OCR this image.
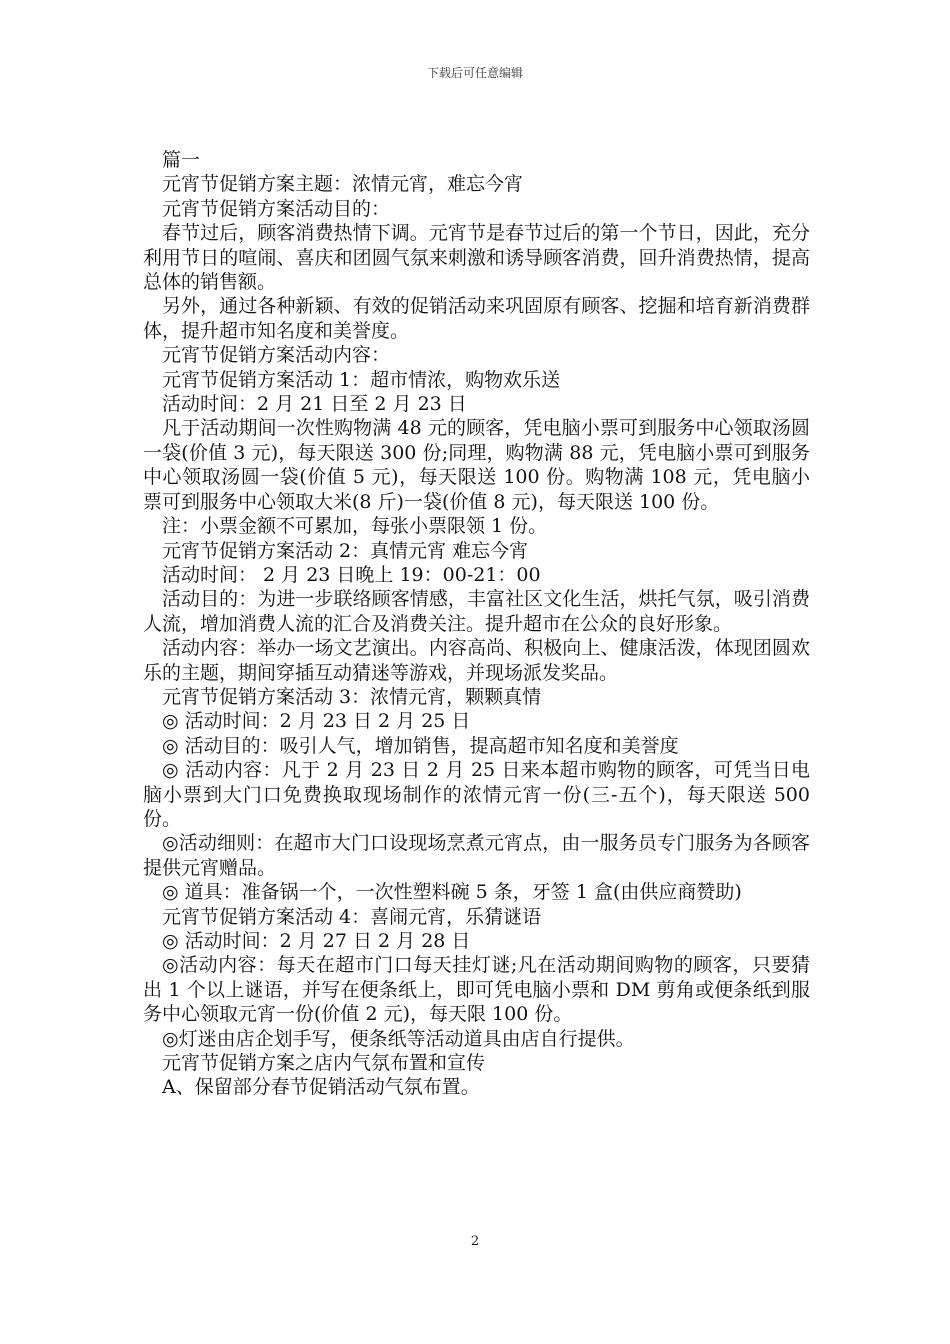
下载后可任意编辑

篇一

元宵节促销方案主题：浓情元宵，难忘今宵

元宵节促销方案活动目的：

春节过后，顾客消费热情下调。元宵节是春节过后的第一个节日，因此，充分利用节日的喧闹、喜庆和团圆气氛来刺激和诱导顾客消费，回升消费热情，提高总体的销售额。

另外，通过各种新颖、有效的促销活动来巩固原有顾客、挖掘和培育新消费群体，提升超市知名度和美誉度。

元宵节促销方案活动内容：

元宵节促销方案活动 1：超市情浓，购物欢乐送

活动时间：2 月 21 日至 2 月 23 日

凡于活动期间一次性购物满 48 元的顾客，凭电脑小票可到服务中心领取汤圆一袋(价值 3 元)，每天限送 300 份;同理，购物满 88 元，凭电脑小票可到服务中心领取汤圆一袋(价值 5 元)，每天限送 100 份。购物满 108 元，凭电脑小票可到服务中心领取大米(8 斤)一袋(价值 8 元)，每天限送 100 份。

注：小票金额不可累加，每张小票限领 1 份。

元宵节促销方案活动 2：真情元宵 难忘今宵

活动时间： 2 月 23 日晚上 19：00-21：00

活动目的：为进一步联络顾客情感，丰富社区文化生活，烘托气氛，吸引消费人流，增加消费人流的汇合及消费关注。提升超市在公众的良好形象。

活动内容：举办一场文艺演出。内容高尚、积极向上、健康活泼，体现团圆欢乐的主题，期间穿插互动猜迷等游戏，并现场派发奖品。

元宵节促销方案活动 3：浓情元宵，颗颗真情

◎ 活动时间：2 月 23 日 2 月 25 日

◎ 活动目的：吸引人气，增加销售，提高超市知名度和美誉度

◎ 活动内容：凡于 2 月 23 日 2 月 25 日来本超市购物的顾客，可凭当日电脑小票到大门口免费换取现场制作的浓情元宵一份(三-五个)，每天限送 500 份。

◎活动细则：在超市大门口设现场烹煮元宵点，由一服务员专门服务为各顾客提供元宵赠品。

◎ 道具：准备锅一个，一次性塑料碗 5 条，牙签 1 盒(由供应商赞助)

元宵节促销方案活动 4：喜闹元宵，乐猜谜语

◎ 活动时间：2 月 27 日 2 月 28 日

◎活动内容：每天在超市门口每天挂灯谜;凡在活动期间购物的顾客，只要猜出 1 个以上谜语，并写在便条纸上，即可凭电脑小票和 DM 剪角或便条纸到服务中心领取元宵一份(价值 2 元)，每天限 100 份。

◎灯迷由店企划手写，便条纸等活动道具由店自行提供。

元宵节促销方案之店内气氛布置和宣传

A、保留部分春节促销活动气氛布置。

2
